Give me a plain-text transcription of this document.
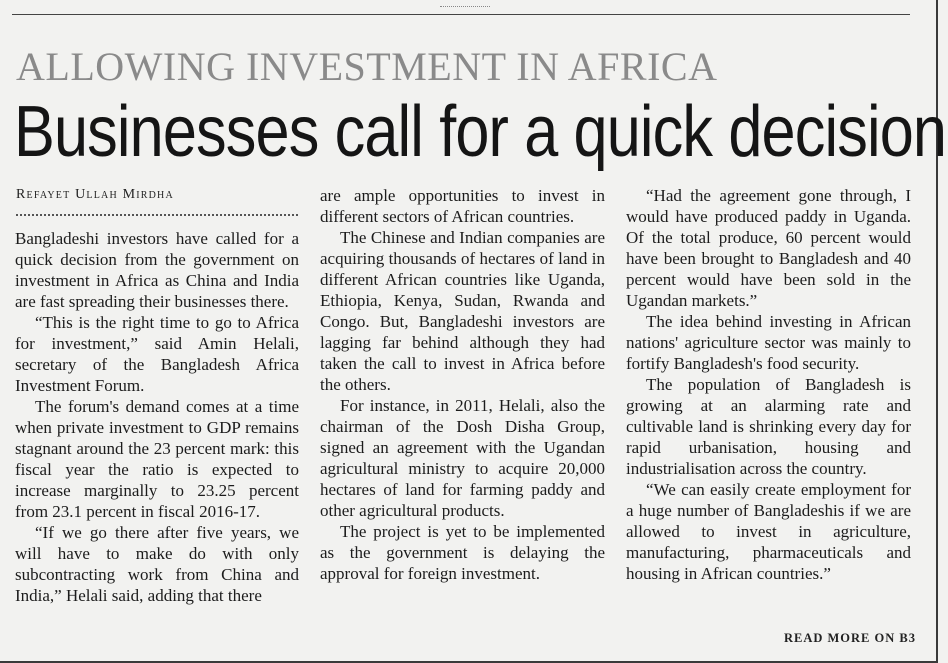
ALLOWING INVESTMENT IN AFRICA
Businesses call for a quick decision
Refayet Ullah Mirdha

Bangladeshi investors have called for a quick decision from the government on investment in Africa as China and India are fast spreading their businesses there.

“This is the right time to go to Africa for investment,” said Amin Helali, secretary of the Bangladesh Africa Investment Forum.

The forum's demand comes at a time when private investment to GDP remains stagnant around the 23 percent mark: this fiscal year the ratio is expected to increase marginally to 23.25 percent from 23.1 percent in fiscal 2016-17.

“If we go there after five years, we will have to make do with only subcontracting work from China and India,” Helali said, adding that there

are ample opportunities to invest in different sectors of African countries.

The Chinese and Indian companies are acquiring thousands of hectares of land in different African countries like Uganda, Ethiopia, Kenya, Sudan, Rwanda and Congo. But, Bangladeshi investors are lagging far behind although they had taken the call to invest in Africa before the others.

For instance, in 2011, Helali, also the chairman of the Dosh Disha Group, signed an agreement with the Ugandan agricultural ministry to acquire 20,000 hectares of land for farming paddy and other agricultural products.

The project is yet to be implemented as the government is delaying the approval for foreign investment.

“Had the agreement gone through, I would have produced paddy in Uganda. Of the total produce, 60 percent would have been brought to Bangladesh and 40 percent would have been sold in the Ugandan markets.”

The idea behind investing in African nations' agriculture sector was mainly to fortify Bangladesh's food security.

The population of Bangladesh is growing at an alarming rate and cultivable land is shrinking every day for rapid urbanisation, housing and industrialisation across the country.

“We can easily create employment for a huge number of Bangladeshis if we are allowed to invest in agriculture, manufacturing, pharmaceuticals and housing in African countries.”

READ MORE ON B3
